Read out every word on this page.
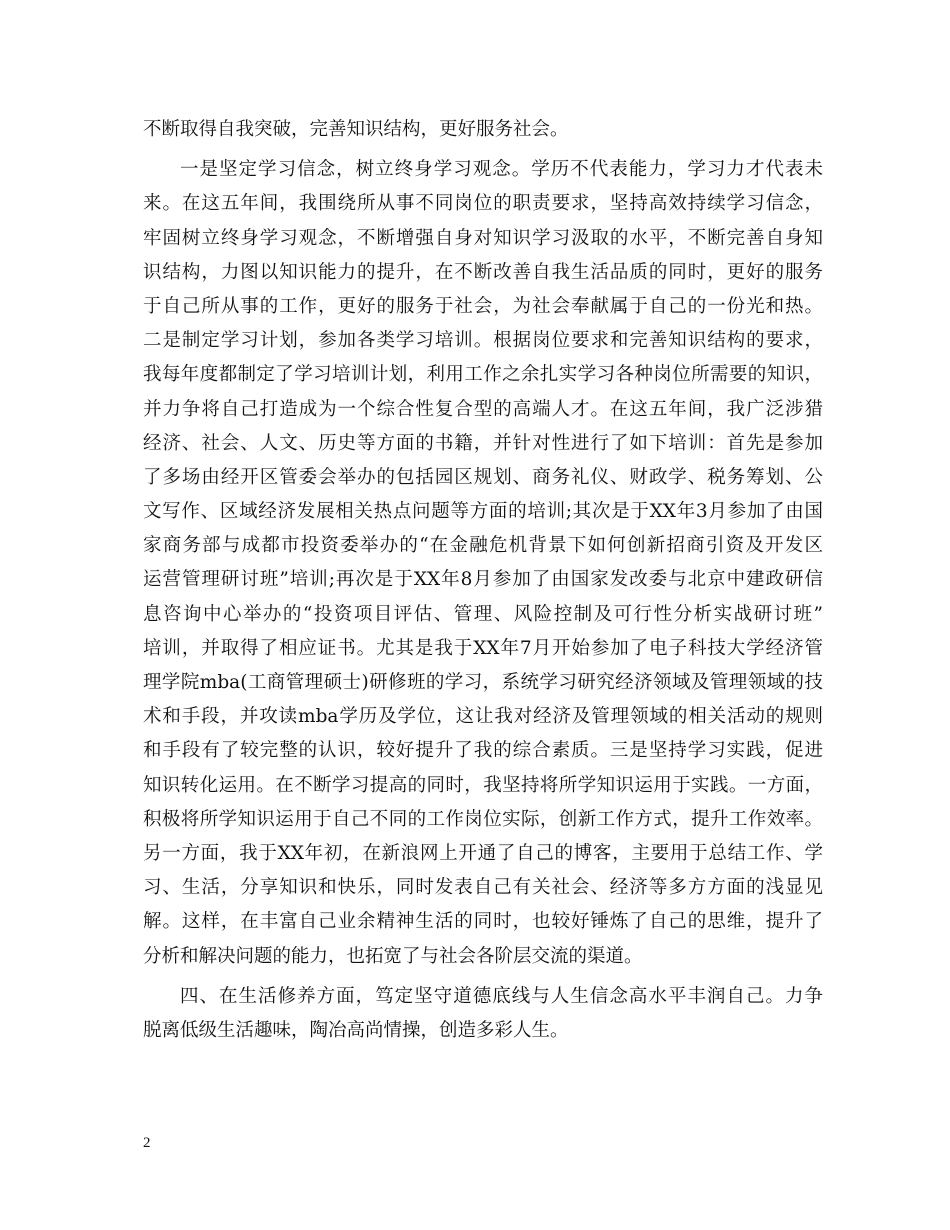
不断取得自我突破，完善知识结构，更好服务社会。
一是坚定学习信念，树立终身学习观念。学历不代表能力，学习力才代表未
来。在这五年间，我围绕所从事不同岗位的职责要求，坚持高效持续学习信念，
牢固树立终身学习观念，不断增强自身对知识学习汲取的水平，不断完善自身知
识结构，力图以知识能力的提升，在不断改善自我生活品质的同时，更好的服务
于自己所从事的工作，更好的服务于社会，为社会奉献属于自己的一份光和热。
二是制定学习计划，参加各类学习培训。根据岗位要求和完善知识结构的要求，
我每年度都制定了学习培训计划，利用工作之余扎实学习各种岗位所需要的知识，
并力争将自己打造成为一个综合性复合型的高端人才。在这五年间，我广泛涉猎
经济、社会、人文、历史等方面的书籍，并针对性进行了如下培训：首先是参加
了多场由经开区管委会举办的包括园区规划、商务礼仪、财政学、税务筹划、公
文写作、区域经济发展相关热点问题等方面的培训;其次是于XX年3月参加了由国
家商务部与成都市投资委举办的“在金融危机背景下如何创新招商引资及开发区
运营管理研讨班”培训;再次是于XX年8月参加了由国家发改委与北京中建政研信
息咨询中心举办的“投资项目评估、管理、风险控制及可行性分析实战研讨班”
培训，并取得了相应证书。尤其是我于XX年7月开始参加了电子科技大学经济管
理学院mba(工商管理硕士)研修班的学习，系统学习研究经济领域及管理领域的技
术和手段，并攻读mba学历及学位，这让我对经济及管理领域的相关活动的规则
和手段有了较完整的认识，较好提升了我的综合素质。三是坚持学习实践，促进
知识转化运用。在不断学习提高的同时，我坚持将所学知识运用于实践。一方面，
积极将所学知识运用于自己不同的工作岗位实际，创新工作方式，提升工作效率。
另一方面，我于XX年初，在新浪网上开通了自己的博客，主要用于总结工作、学
习、生活，分享知识和快乐，同时发表自己有关社会、经济等多方方面的浅显见
解。这样，在丰富自己业余精神生活的同时，也较好锤炼了自己的思维，提升了
分析和解决问题的能力，也拓宽了与社会各阶层交流的渠道。
四、在生活修养方面，笃定坚守道德底线与人生信念高水平丰润自己。力争
脱离低级生活趣味，陶冶高尚情操，创造多彩人生。
2
